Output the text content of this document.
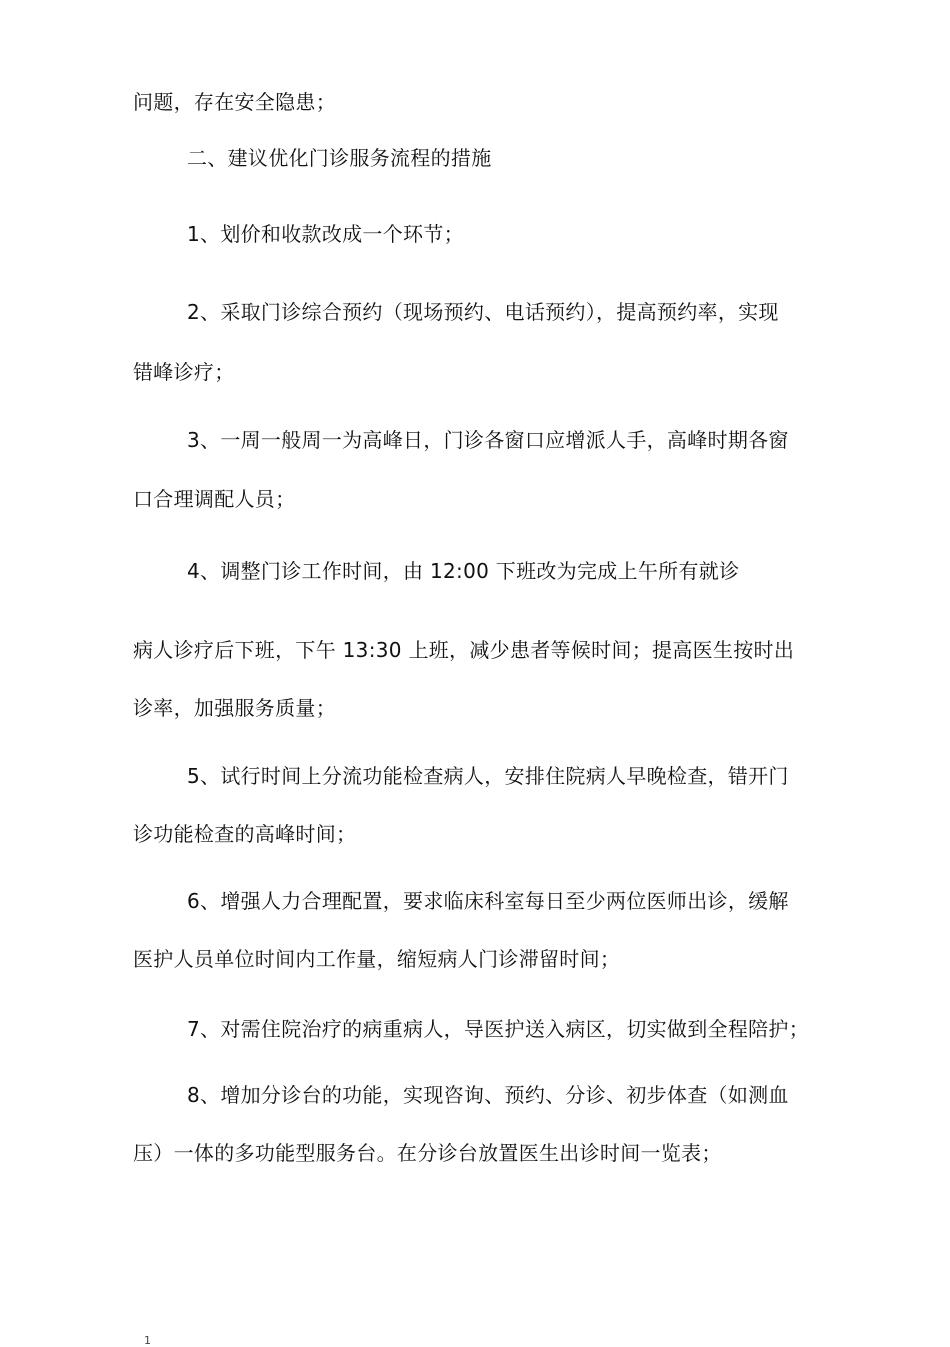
问题，存在安全隐患；
二、建议优化门诊服务流程的措施
1、划价和收款改成一个环节；
2、采取门诊综合预约（现场预约、电话预约），提高预约率，实现
错峰诊疗；
3、一周一般周一为高峰日，门诊各窗口应增派人手，高峰时期各窗
口合理调配人员；
4、调整门诊工作时间，由 12:00 下班改为完成上午所有就诊
病人诊疗后下班，下午 13:30 上班，减少患者等候时间；提高医生按时出
诊率，加强服务质量；
5、试行时间上分流功能检查病人，安排住院病人早晚检查，错开门
诊功能检查的高峰时间；
6、增强人力合理配置，要求临床科室每日至少两位医师出诊，缓解
医护人员单位时间内工作量，缩短病人门诊滞留时间；
7、对需住院治疗的病重病人，导医护送入病区，切实做到全程陪护；
8、增加分诊台的功能，实现咨询、预约、分诊、初步体查（如测血
压）一体的多功能型服务台。在分诊台放置医生出诊时间一览表；
1
